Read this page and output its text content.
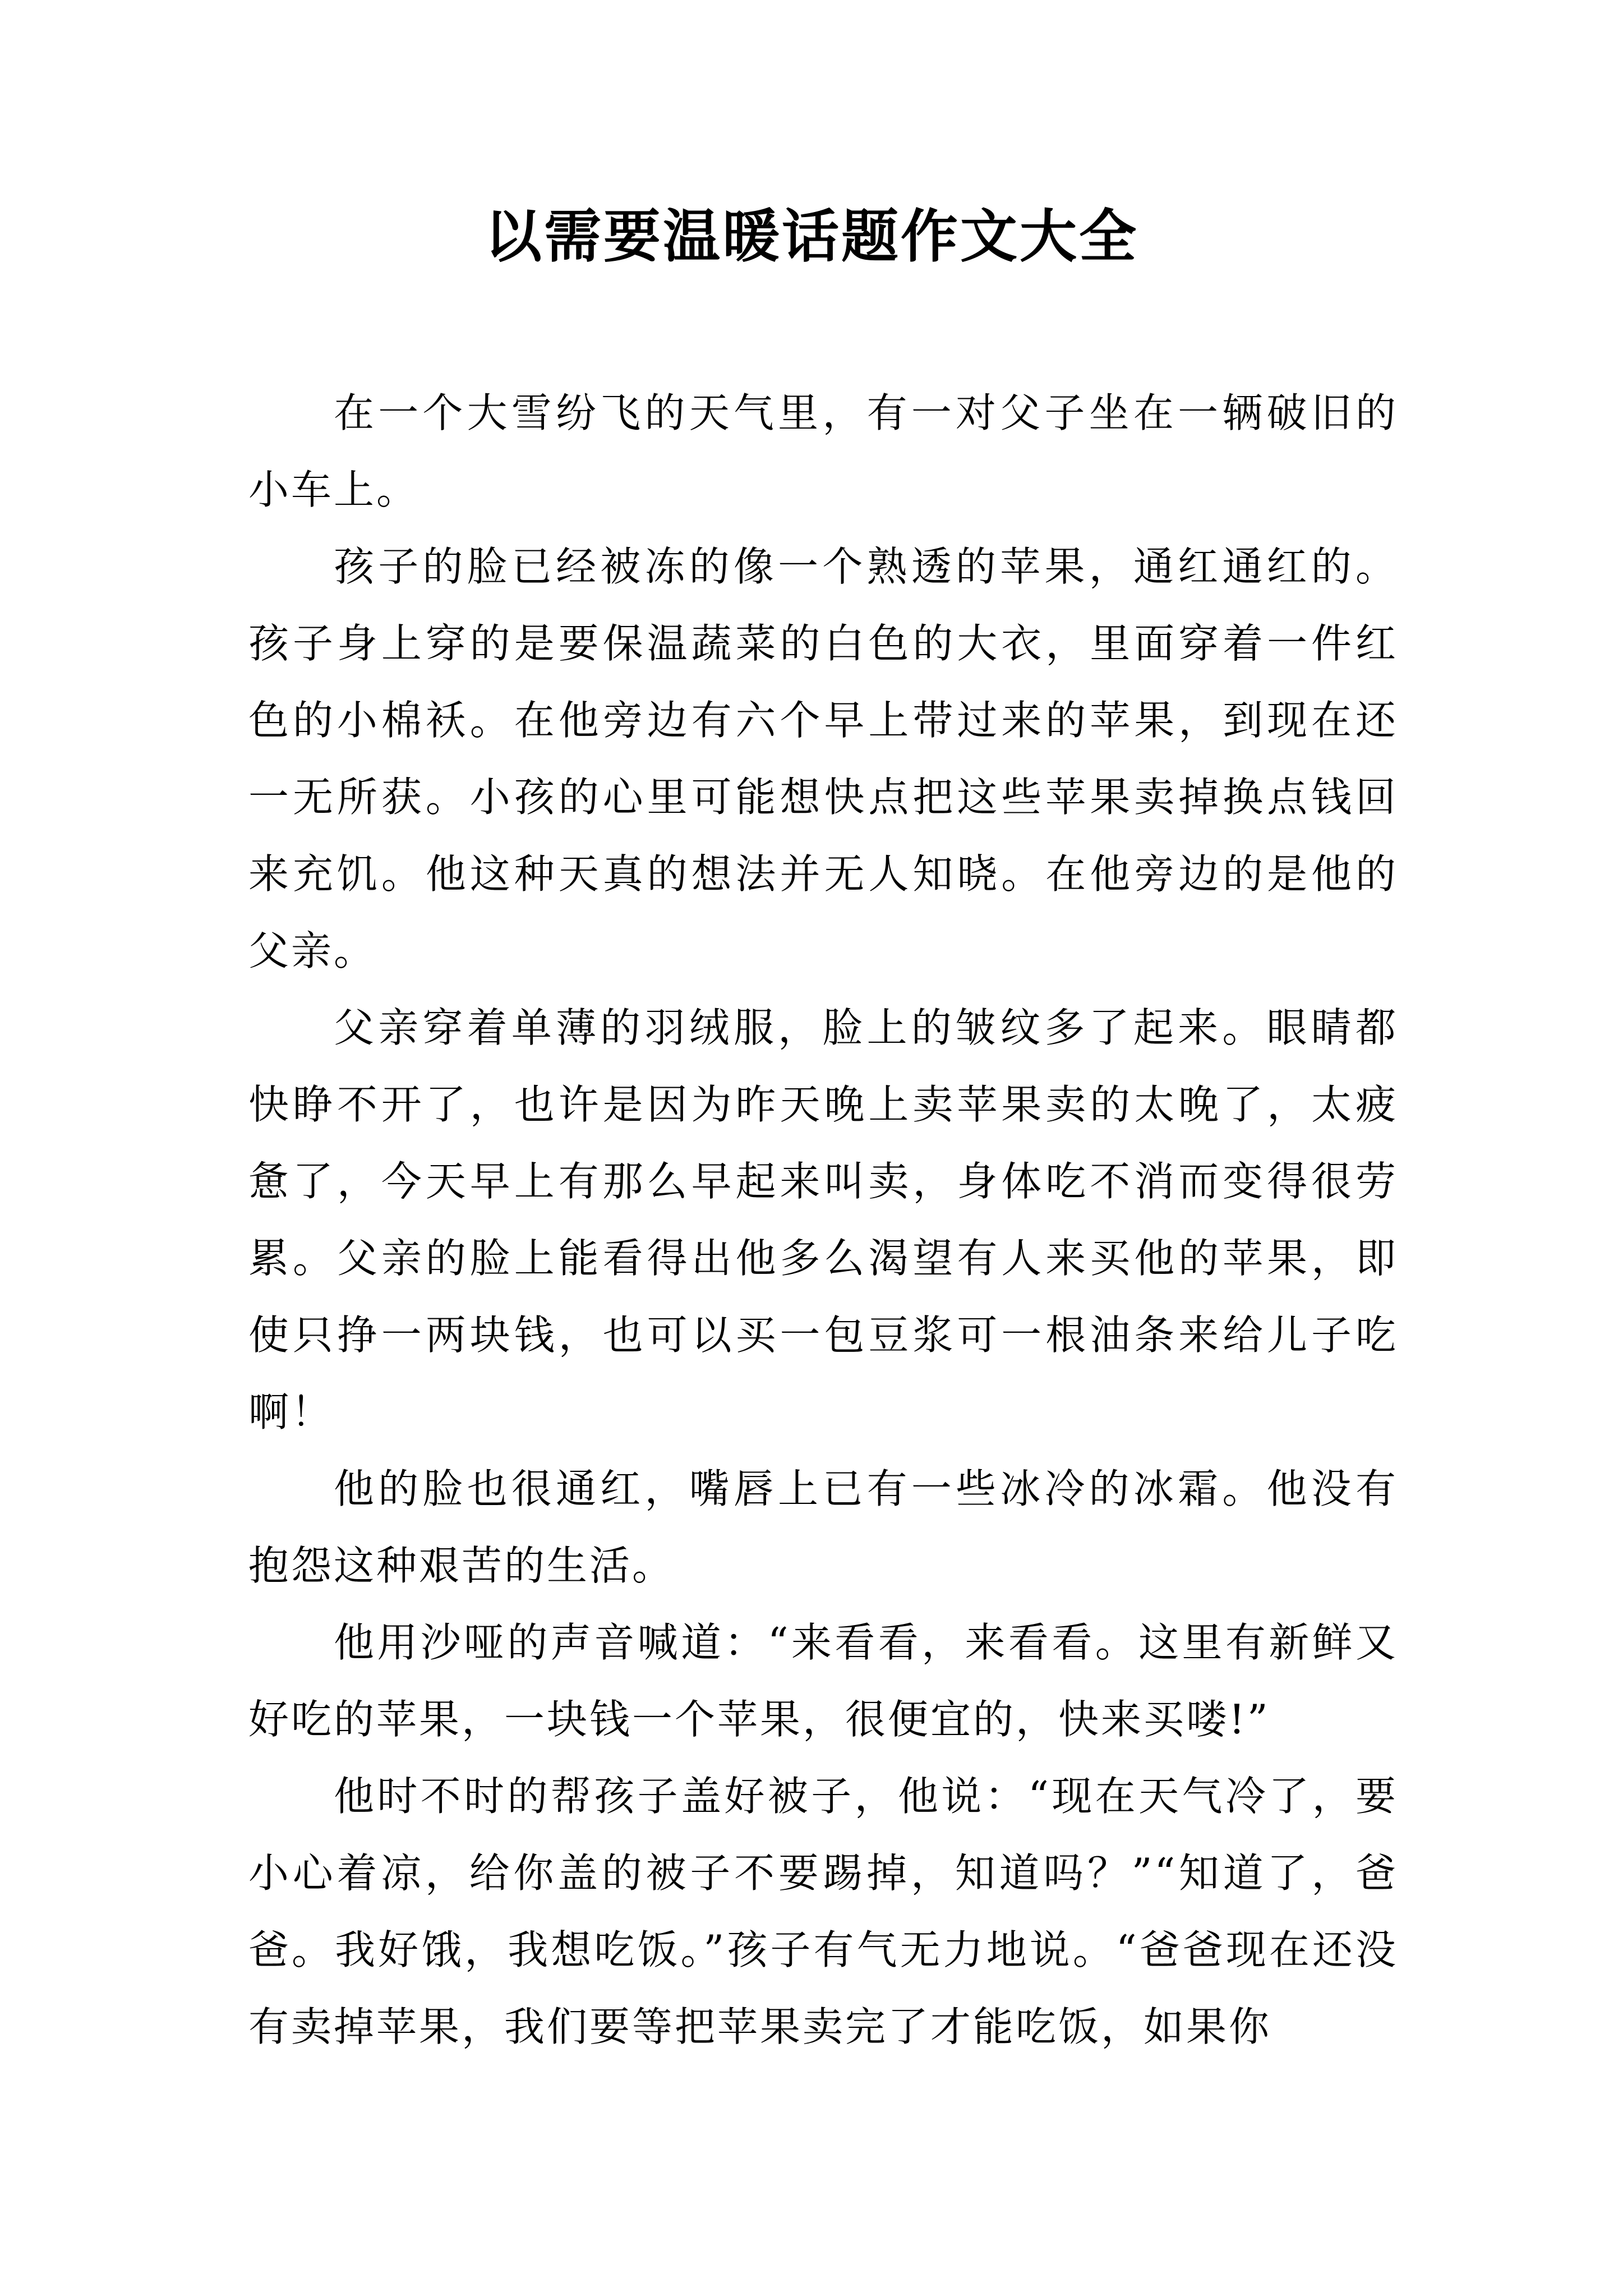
以需要温暖话题作文大全

在一个大雪纷飞的天气里，有一对父子坐在一辆破旧的小车上。

孩子的脸已经被冻的像一个熟透的苹果，通红通红的。孩子身上穿的是要保温蔬菜的白色的大衣，里面穿着一件红色的小棉袄。在他旁边有六个早上带过来的苹果，到现在还一无所获。小孩的心里可能想快点把这些苹果卖掉换点钱回来充饥。他这种天真的想法并无人知晓。在他旁边的是他的父亲。

父亲穿着单薄的羽绒服，脸上的皱纹多了起来。眼睛都快睁不开了，也许是因为昨天晚上卖苹果卖的太晚了，太疲惫了，今天早上有那么早起来叫卖，身体吃不消而变得很劳累。父亲的脸上能看得出他多么渴望有人来买他的苹果，即使只挣一两块钱，也可以买一包豆浆可一根油条来给儿子吃啊！

他的脸也很通红，嘴唇上已有一些冰冷的冰霜。他没有抱怨这种艰苦的生活。

他用沙哑的声音喊道：“来看看，来看看。这里有新鲜又好吃的苹果，一块钱一个苹果，很便宜的，快来买喽!”

他时不时的帮孩子盖好被子，他说：“现在天气冷了，要小心着凉，给你盖的被子不要踢掉，知道吗？”“知道了，爸爸。我好饿，我想吃饭。”孩子有气无力地说。“爸爸现在还没有卖掉苹果，我们要等把苹果卖完了才能吃饭，如果你
